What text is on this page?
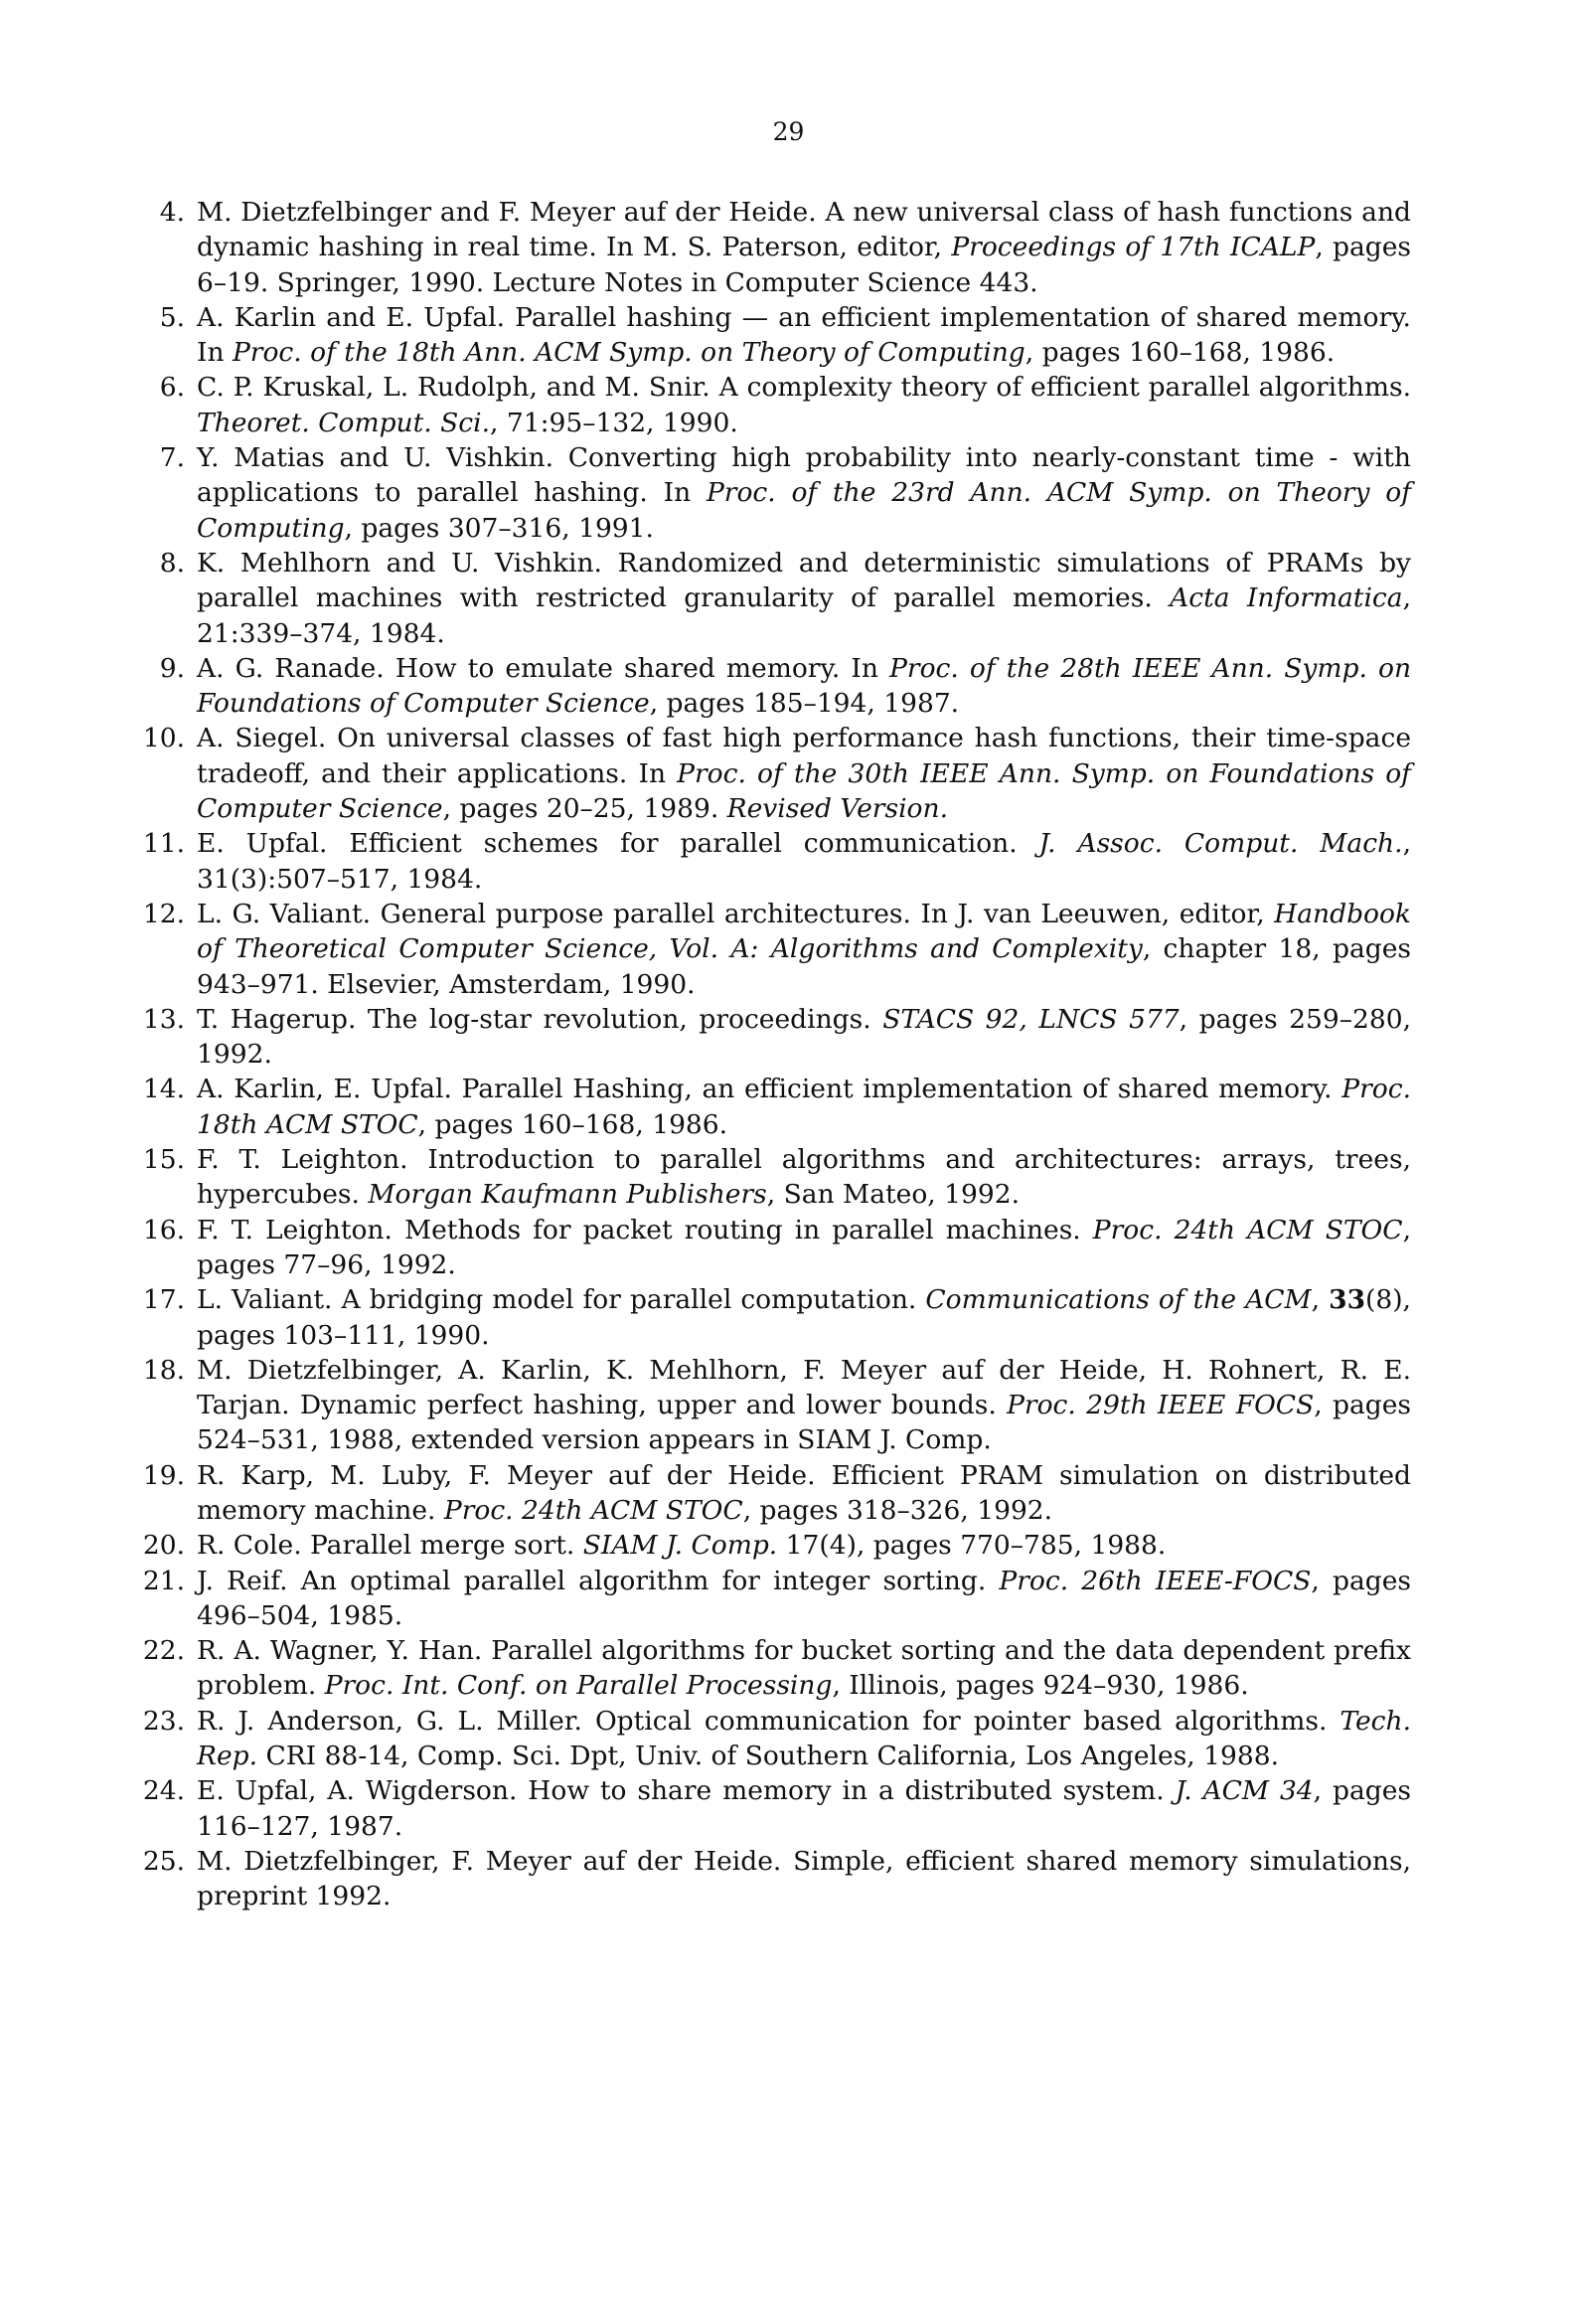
29
4. M. Dietzfelbinger and F. Meyer auf der Heide. A new universal class of hash functions and dynamic hashing in real time. In M. S. Paterson, editor, Proceedings of 17th ICALP, pages 6–19. Springer, 1990. Lecture Notes in Computer Science 443.
5. A. Karlin and E. Upfal. Parallel hashing — an efficient implementation of shared memory. In Proc. of the 18th Ann. ACM Symp. on Theory of Computing, pages 160–168, 1986.
6. C. P. Kruskal, L. Rudolph, and M. Snir. A complexity theory of efficient parallel algorithms. Theoret. Comput. Sci., 71:95–132, 1990.
7. Y. Matias and U. Vishkin. Converting high probability into nearly-constant time - with applications to parallel hashing. In Proc. of the 23rd Ann. ACM Symp. on Theory of Computing, pages 307–316, 1991.
8. K. Mehlhorn and U. Vishkin. Randomized and deterministic simulations of PRAMs by parallel machines with restricted granularity of parallel memories. Acta Informatica, 21:339–374, 1984.
9. A. G. Ranade. How to emulate shared memory. In Proc. of the 28th IEEE Ann. Symp. on Foundations of Computer Science, pages 185–194, 1987.
10. A. Siegel. On universal classes of fast high performance hash functions, their time-space tradeoff, and their applications. In Proc. of the 30th IEEE Ann. Symp. on Foundations of Computer Science, pages 20–25, 1989. Revised Version.
11. E. Upfal. Efficient schemes for parallel communication. J. Assoc. Comput. Mach., 31(3):507–517, 1984.
12. L. G. Valiant. General purpose parallel architectures. In J. van Leeuwen, editor, Handbook of Theoretical Computer Science, Vol. A: Algorithms and Complexity, chapter 18, pages 943–971. Elsevier, Amsterdam, 1990.
13. T. Hagerup. The log-star revolution, proceedings. STACS 92, LNCS 577, pages 259–280, 1992.
14. A. Karlin, E. Upfal. Parallel Hashing, an efficient implementation of shared memory. Proc. 18th ACM STOC, pages 160–168, 1986.
15. F. T. Leighton. Introduction to parallel algorithms and architectures: arrays, trees, hypercubes. Morgan Kaufmann Publishers, San Mateo, 1992.
16. F. T. Leighton. Methods for packet routing in parallel machines. Proc. 24th ACM STOC, pages 77–96, 1992.
17. L. Valiant. A bridging model for parallel computation. Communications of the ACM, 33(8), pages 103–111, 1990.
18. M. Dietzfelbinger, A. Karlin, K. Mehlhorn, F. Meyer auf der Heide, H. Rohnert, R. E. Tarjan. Dynamic perfect hashing, upper and lower bounds. Proc. 29th IEEE FOCS, pages 524–531, 1988, extended version appears in SIAM J. Comp.
19. R. Karp, M. Luby, F. Meyer auf der Heide. Efficient PRAM simulation on distributed memory machine. Proc. 24th ACM STOC, pages 318–326, 1992.
20. R. Cole. Parallel merge sort. SIAM J. Comp. 17(4), pages 770–785, 1988.
21. J. Reif. An optimal parallel algorithm for integer sorting. Proc. 26th IEEE-FOCS, pages 496–504, 1985.
22. R. A. Wagner, Y. Han. Parallel algorithms for bucket sorting and the data dependent prefix problem. Proc. Int. Conf. on Parallel Processing, Illinois, pages 924–930, 1986.
23. R. J. Anderson, G. L. Miller. Optical communication for pointer based algorithms. Tech. Rep. CRI 88-14, Comp. Sci. Dpt, Univ. of Southern California, Los Angeles, 1988.
24. E. Upfal, A. Wigderson. How to share memory in a distributed system. J. ACM 34, pages 116–127, 1987.
25. M. Dietzfelbinger, F. Meyer auf der Heide. Simple, efficient shared memory simulations, preprint 1992.
